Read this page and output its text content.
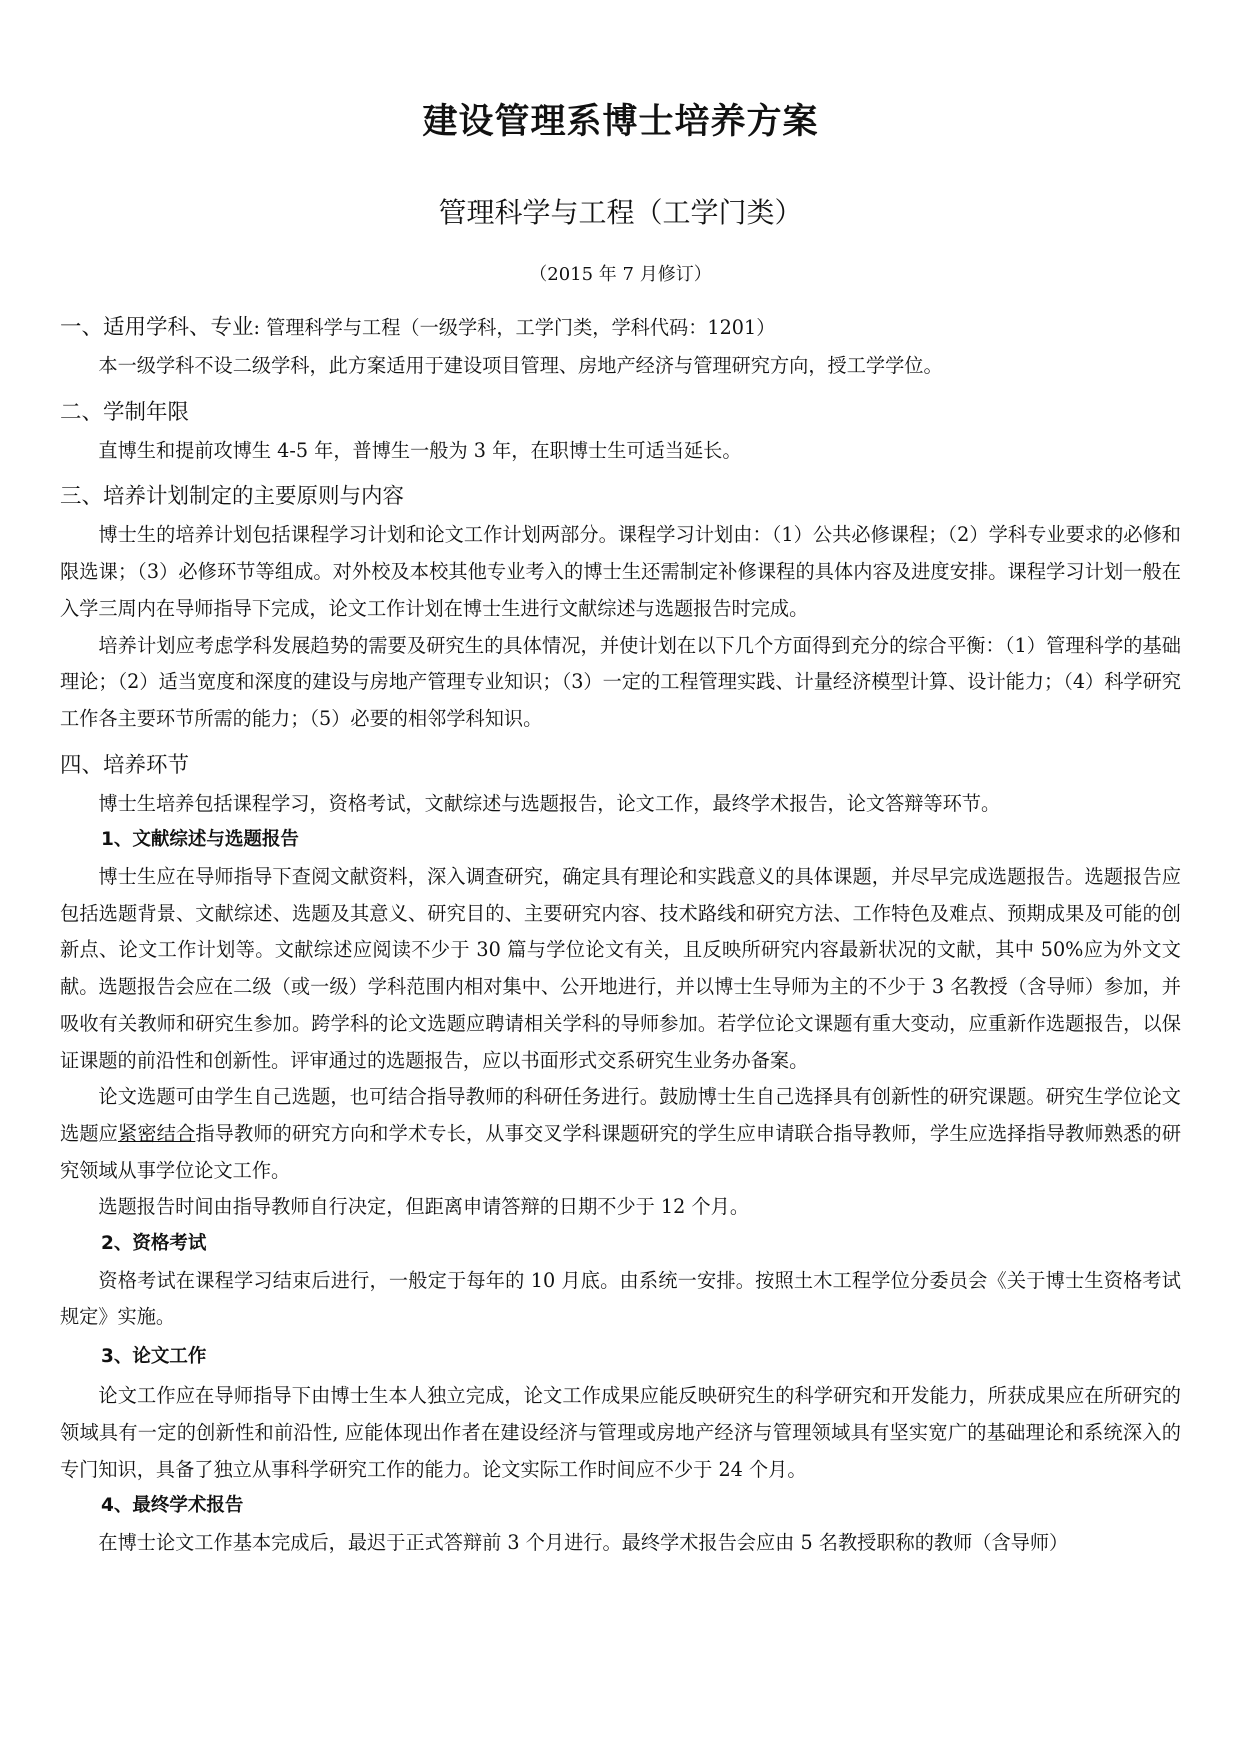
建设管理系博士培养方案
管理科学与工程（工学门类）
（2015 年 7 月修订）

一、适用学科、专业: 管理科学与工程（一级学科，工学门类，学科代码：1201）

本一级学科不设二级学科，此方案适用于建设项目管理、房地产经济与管理研究方向，授工学学位。

二、学制年限

直博生和提前攻博生 4-5 年，普博生一般为 3 年，在职博士生可适当延长。

三、培养计划制定的主要原则与内容

博士生的培养计划包括课程学习计划和论文工作计划两部分。课程学习计划由：（1）公共必修课程；（2）学科专业要求的必修和限选课；（3）必修环节等组成。对外校及本校其他专业考入的博士生还需制定补修课程的具体内容及进度安排。课程学习计划一般在入学三周内在导师指导下完成，论文工作计划在博士生进行文献综述与选题报告时完成。

培养计划应考虑学科发展趋势的需要及研究生的具体情况，并使计划在以下几个方面得到充分的综合平衡：（1）管理科学的基础理论；（2）适当宽度和深度的建设与房地产管理专业知识；（3）一定的工程管理实践、计量经济模型计算、设计能力；（4）科学研究工作各主要环节所需的能力；（5）必要的相邻学科知识。

四、培养环节

博士生培养包括课程学习，资格考试，文献综述与选题报告，论文工作，最终学术报告，论文答辩等环节。

1、文献综述与选题报告

博士生应在导师指导下查阅文献资料，深入调查研究，确定具有理论和实践意义的具体课题，并尽早完成选题报告。选题报告应包括选题背景、文献综述、选题及其意义、研究目的、主要研究内容、技术路线和研究方法、工作特色及难点、预期成果及可能的创新点、论文工作计划等。文献综述应阅读不少于 30 篇与学位论文有关，且反映所研究内容最新状况的文献，其中 50%应为外文文献。选题报告会应在二级（或一级）学科范围内相对集中、公开地进行，并以博士生导师为主的不少于 3 名教授（含导师）参加，并吸收有关教师和研究生参加。跨学科的论文选题应聘请相关学科的导师参加。若学位论文课题有重大变动，应重新作选题报告，以保证课题的前沿性和创新性。评审通过的选题报告，应以书面形式交系研究生业务办备案。

论文选题可由学生自己选题，也可结合指导教师的科研任务进行。鼓励博士生自己选择具有创新性的研究课题。研究生学位论文选题应紧密结合指导教师的研究方向和学术专长，从事交叉学科课题研究的学生应申请联合指导教师，学生应选择指导教师熟悉的研究领域从事学位论文工作。

选题报告时间由指导教师自行决定，但距离申请答辩的日期不少于 12 个月。

2、资格考试

资格考试在课程学习结束后进行，一般定于每年的 10 月底。由系统一安排。按照土木工程学位分委员会《关于博士生资格考试规定》实施。

3、论文工作

论文工作应在导师指导下由博士生本人独立完成，论文工作成果应能反映研究生的科学研究和开发能力，所获成果应在所研究的领域具有一定的创新性和前沿性, 应能体现出作者在建设经济与管理或房地产经济与管理领域具有坚实宽广的基础理论和系统深入的专门知识，具备了独立从事科学研究工作的能力。论文实际工作时间应不少于 24 个月。

4、最终学术报告

在博士论文工作基本完成后，最迟于正式答辩前 3 个月进行。最终学术报告会应由 5 名教授职称的教师（含导师）
